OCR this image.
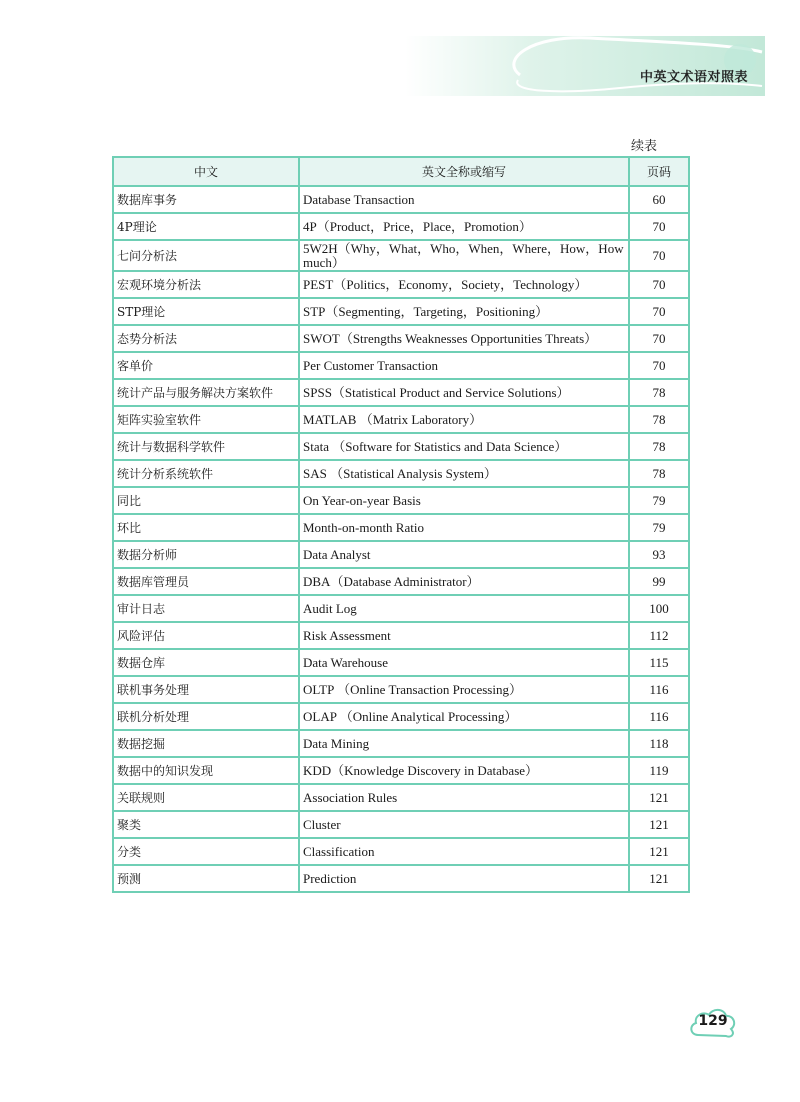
中英文术语对照表
续表
中文	英文全称或缩写	页码
数据库事务	Database Transaction	60
4P理论	4P（Product，Price，Place，Promotion）	70
七问分析法	5W2H（Why，What，Who，When，Where，How，How much）	70
宏观环境分析法	PEST（Politics，Economy，Society，Technology）	70
STP理论	STP（Segmenting，Targeting，Positioning）	70
态势分析法	SWOT（Strengths Weaknesses Opportunities Threats）	70
客单价	Per Customer Transaction	70
统计产品与服务解决方案软件	SPSS（Statistical Product and Service Solutions）	78
矩阵实验室软件	MATLAB （Matrix Laboratory）	78
统计与数据科学软件	Stata （Software for Statistics and Data Science）	78
统计分析系统软件	SAS （Statistical Analysis System）	78
同比	On Year-on-year Basis	79
环比	Month-on-month Ratio	79
数据分析师	Data Analyst	93
数据库管理员	DBA（Database Administrator）	99
审计日志	Audit Log	100
风险评估	Risk Assessment	112
数据仓库	Data Warehouse	115
联机事务处理	OLTP （Online Transaction Processing）	116
联机分析处理	OLAP （Online Analytical Processing）	116
数据挖掘	Data Mining	118
数据中的知识发现	KDD（Knowledge Discovery in Database）	119
关联规则	Association Rules	121
聚类	Cluster	121
分类	Classification	121
预测	Prediction	121
129
